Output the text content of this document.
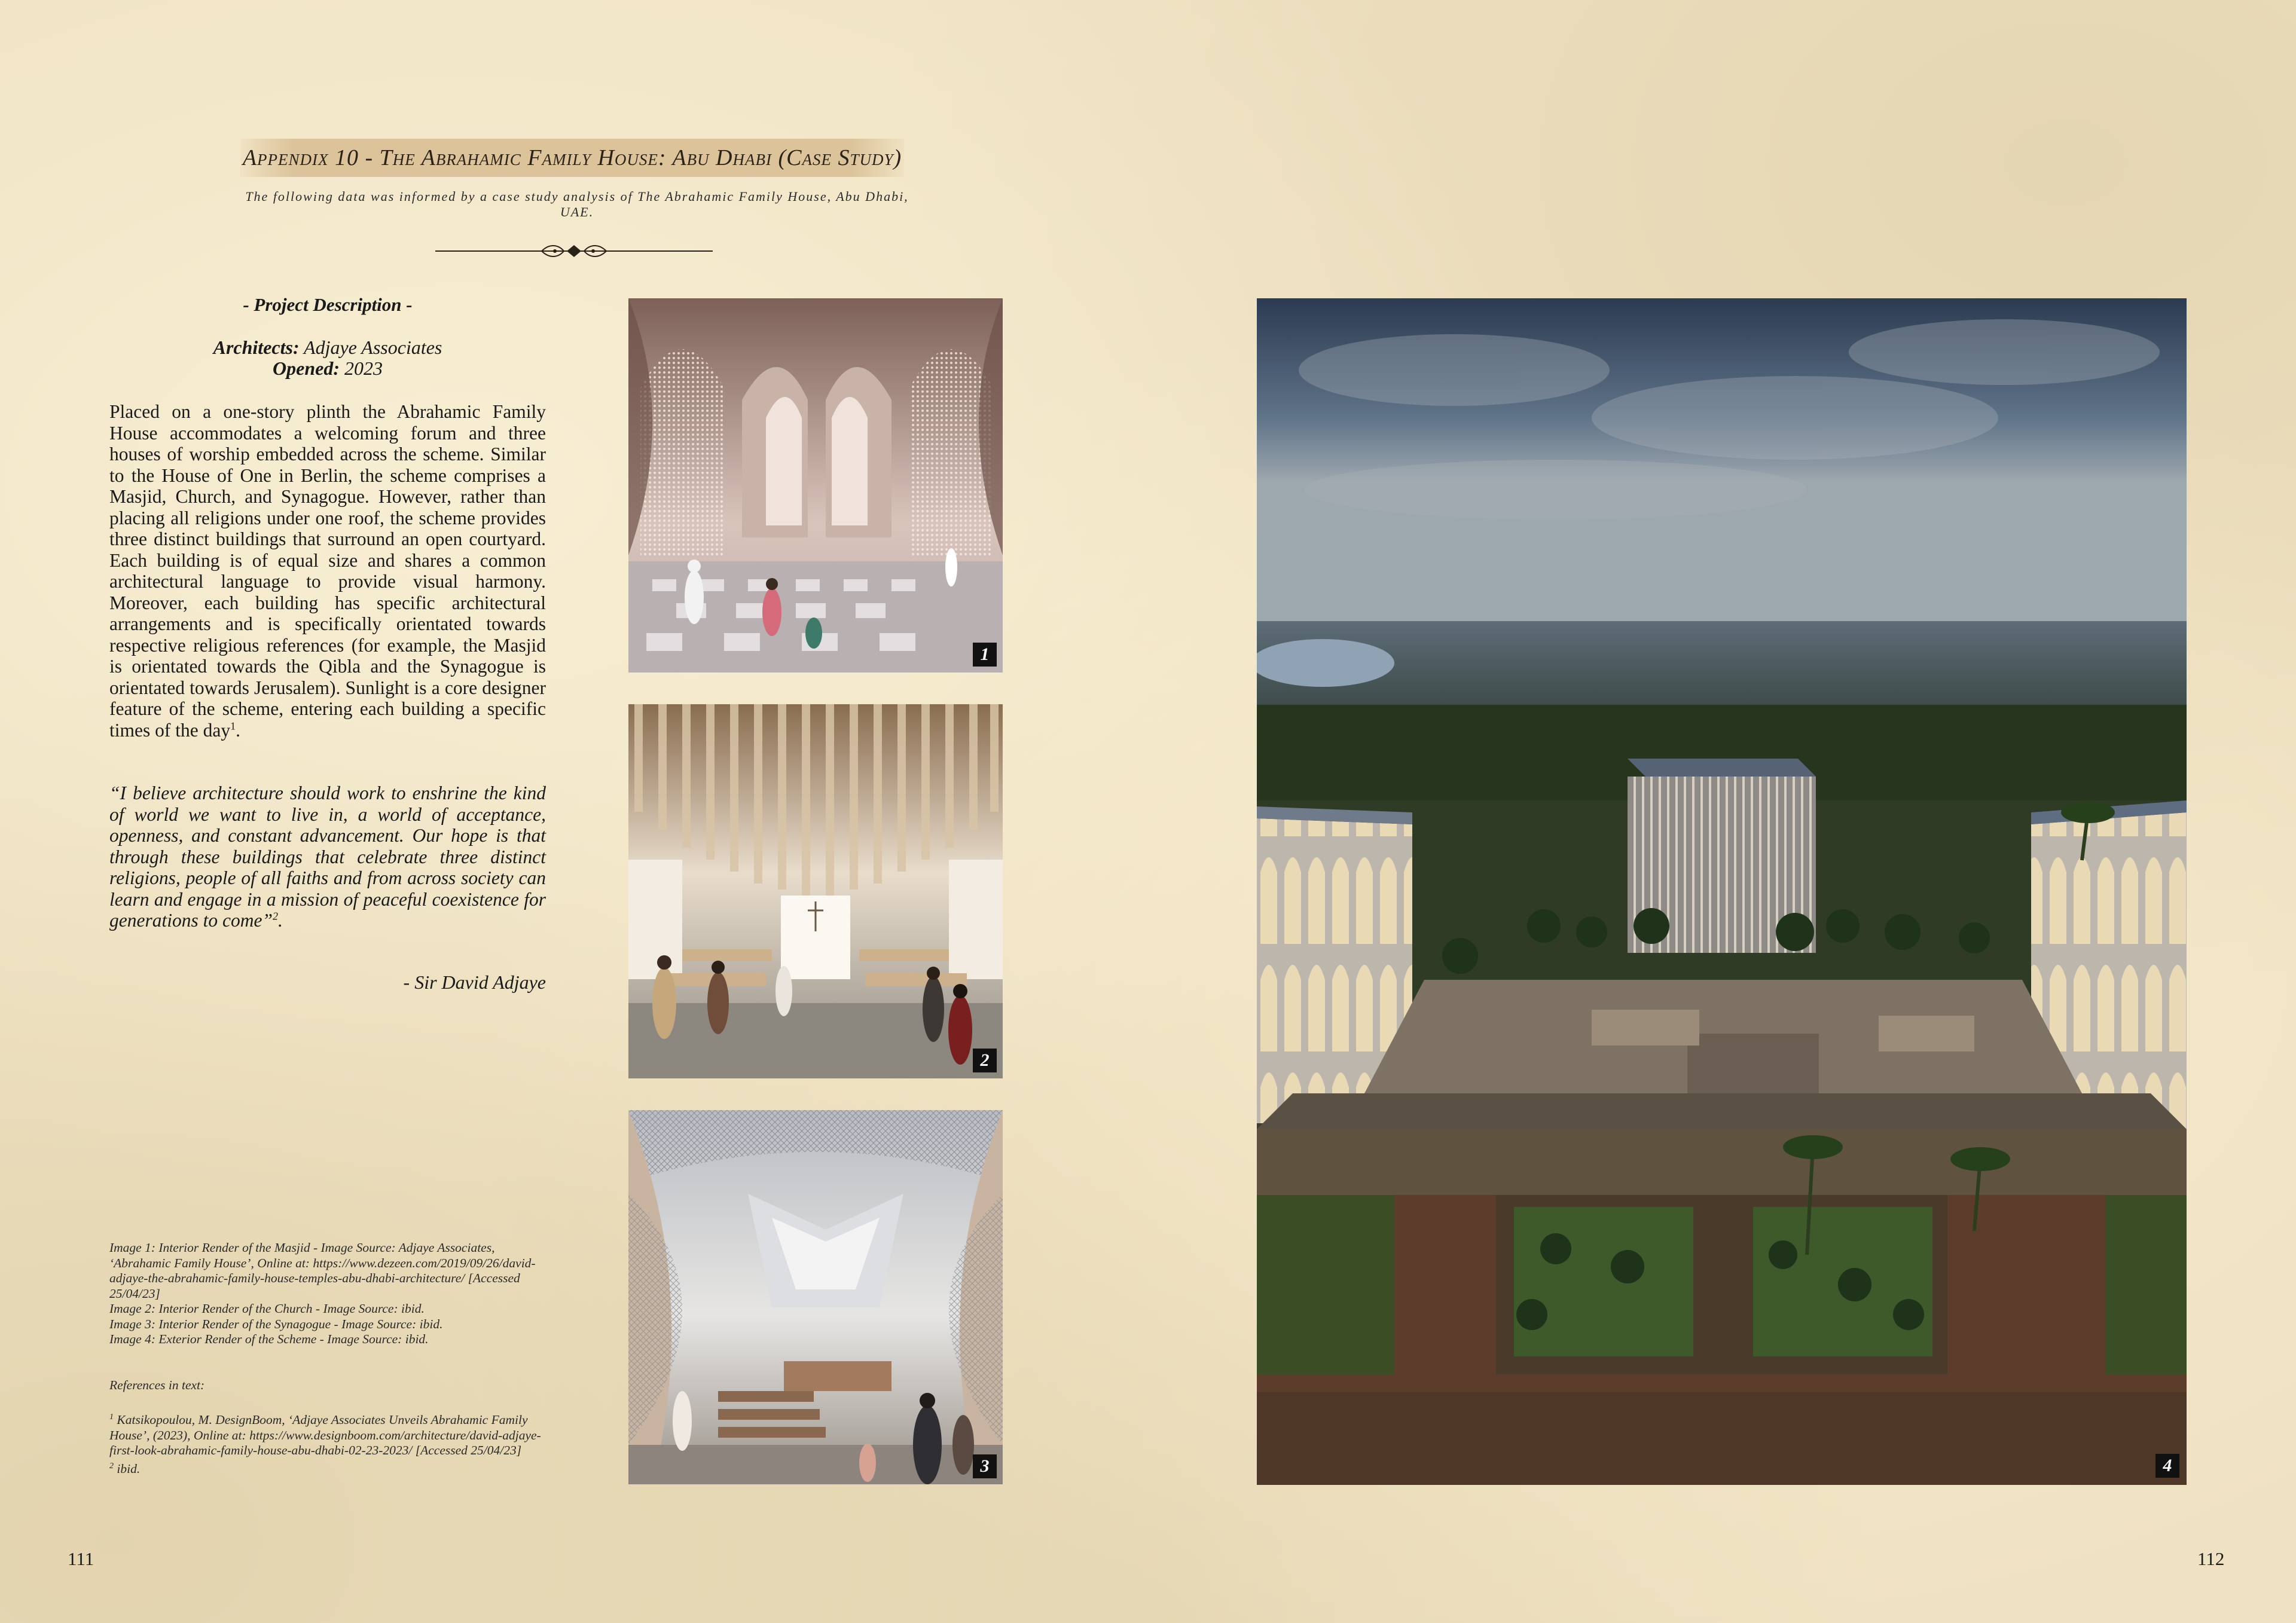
Appendix 10 - The Abrahamic Family House: Abu Dhabi (Case Study)
The following data was informed by a case study analysis of The Abrahamic Family House, Abu Dhabi, UAE.
- Project Description -
Architects: Adjaye Associates
Opened: 2023
Placed on a one-story plinth the Abrahamic Family House accommodates a welcoming forum and three houses of worship embedded across the scheme. Similar to the House of One in Berlin, the scheme comprises a Masjid, Church, and Synagogue. However, rather than placing all religions under one roof, the scheme provides three distinct buildings that surround an open courtyard. Each building is of equal size and shares a common architectural language to provide visual harmony. Moreover, each building has specific architectural arrangements and is specifically orientated towards respective religious references (for example, the Masjid is orientated towards the Qibla and the Synagogue is orientated towards Jerusalem). Sunlight is a core designer feature of the scheme, entering each building a specific times of the day$^1$.
“I believe architecture should work to enshrine the kind of world we want to live in, a world of acceptance, openness, and constant advancement. Our hope is that through these buildings that celebrate three distinct religions, people of all faiths and from across society can learn and engage in a mission of peaceful coexistence for generations to come”$^2$.
- Sir David Adjaye
Image 1: Interior Render of the Masjid - Image Source: Adjaye Associates, ‘Abrahamic Family House’, Online at: https://www.dezeen.com/2019/09/26/david-adjaye-the-abrahamic-family-house-temples-abu-dhabi-architecture/ [Accessed 25/04/23]
Image 2: Interior Render of the Church - Image Source: ibid.
Image 3: Interior Render of the Synagogue - Image Source: ibid.
Image 4: Exterior Render of the Scheme - Image Source: ibid.
References in text:
$^1$ Katsikopoulou, M. DesignBoom, ‘Adjaye Associates Unveils Abrahamic Family House’, (2023), Online at: https://www.designboom.com/architecture/david-adjaye-first-look-abrahamic-family-house-abu-dhabi-02-23-2023/ [Accessed 25/04/23]
$^2$ ibid.
1
2
3	4
111	112
